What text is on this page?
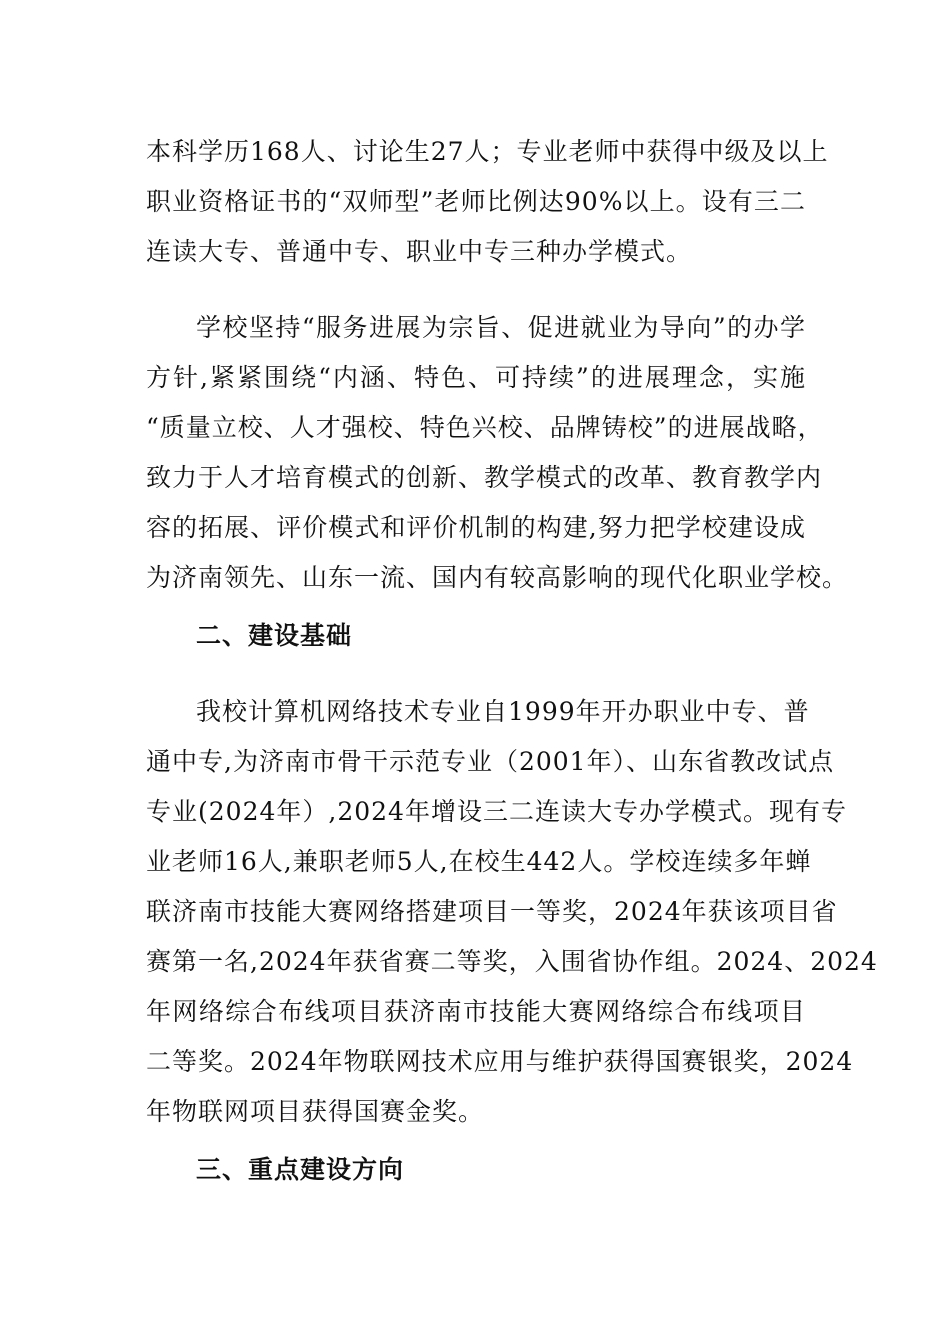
本科学历168人、讨论生27人；专业老师中获得中级及以上
职业资格证书的“双师型”老师比例达90%以上。设有三二
连读大专、普通中专、职业中专三种办学模式。
学校坚持“服务进展为宗旨、促进就业为导向”的办学
方针,紧紧围绕“内涵、特色、可持续”的进展理念，实施
“质量立校、人才强校、特色兴校、品牌铸校”的进展战略，
致力于人才培育模式的创新、教学模式的改革、教育教学内
容的拓展、评价模式和评价机制的构建,努力把学校建设成
为济南领先、山东一流、国内有较高影响的现代化职业学校。
二、建设基础
我校计算机网络技术专业自1999年开办职业中专、普
通中专,为济南市骨干示范专业（2001年）、山东省教改试点
专业(2024年）,2024年增设三二连读大专办学模式。现有专
业老师16人,兼职老师5人,在校生442人。学校连续多年蝉
联济南市技能大赛网络搭建项目一等奖，2024年获该项目省
赛第一名,2024年获省赛二等奖，入围省协作组。2024、2024
年网络综合布线项目获济南市技能大赛网络综合布线项目
二等奖。2024年物联网技术应用与维护获得国赛银奖，2024
年物联网项目获得国赛金奖。
三、重点建设方向
